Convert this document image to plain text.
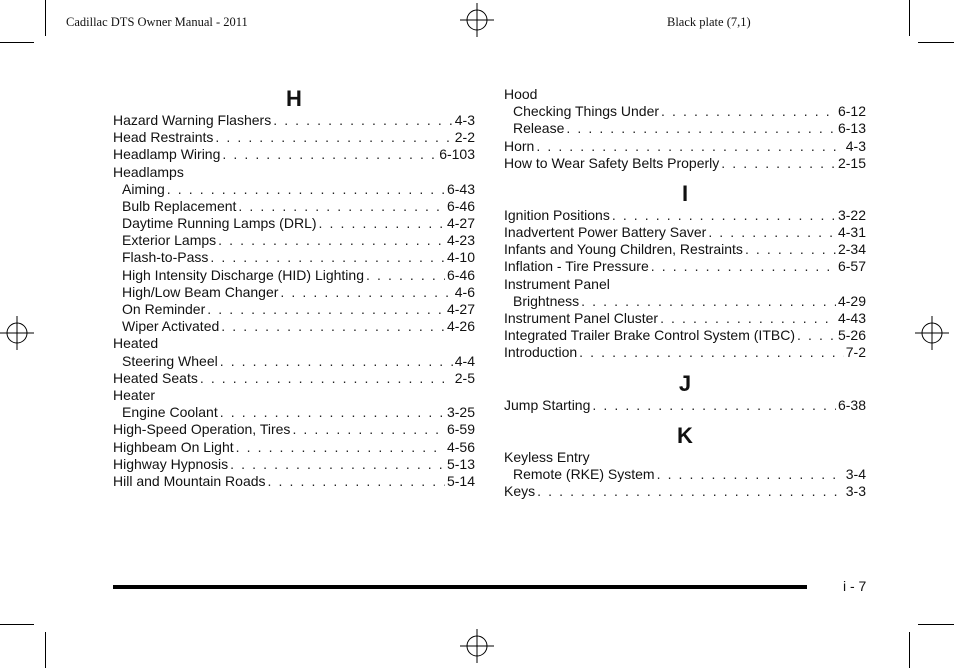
Cadillac DTS Owner Manual - 2011	Black plate (7,1)
H
Hazard Warning Flashers . . .	4-3
Head Restraints . . .	2-2
Headlamp Wiring . . .	6-103
Headlamps
Aiming . . .	6-43
Bulb Replacement . . .	6-46
Daytime Running Lamps (DRL) . . .	4-27
Exterior Lamps . . .	4-23
Flash-to-Pass . . .	4-10
High Intensity Discharge (HID) Lighting . . .	6-46
High/Low Beam Changer . . .	4-6
On Reminder . . .	4-27
Wiper Activated . . .	4-26
Heated
Steering Wheel . . .	4-4
Heated Seats . . .	2-5
Heater
Engine Coolant . . .	3-25
High-Speed Operation, Tires . . .	6-59
Highbeam On Light . . .	4-56
Highway Hypnosis . . .	5-13
Hill and Mountain Roads . . .	5-14
Hood
Checking Things Under . . .	6-12
Release . . .	6-13
Horn . . .	4-3
How to Wear Safety Belts Properly . . .	2-15
I
Ignition Positions . . .	3-22
Inadvertent Power Battery Saver . . .	4-31
Infants and Young Children, Restraints . . .	2-34
Inflation - Tire Pressure . . .	6-57
Instrument Panel
Brightness . . .	4-29
Instrument Panel Cluster . . .	4-43
Integrated Trailer Brake Control System (ITBC) . . .	5-26
Introduction . . .	7-2
J
Jump Starting . . .	6-38
K
Keyless Entry
Remote (RKE) System . . .	3-4
Keys . . .	3-3
i - 7
